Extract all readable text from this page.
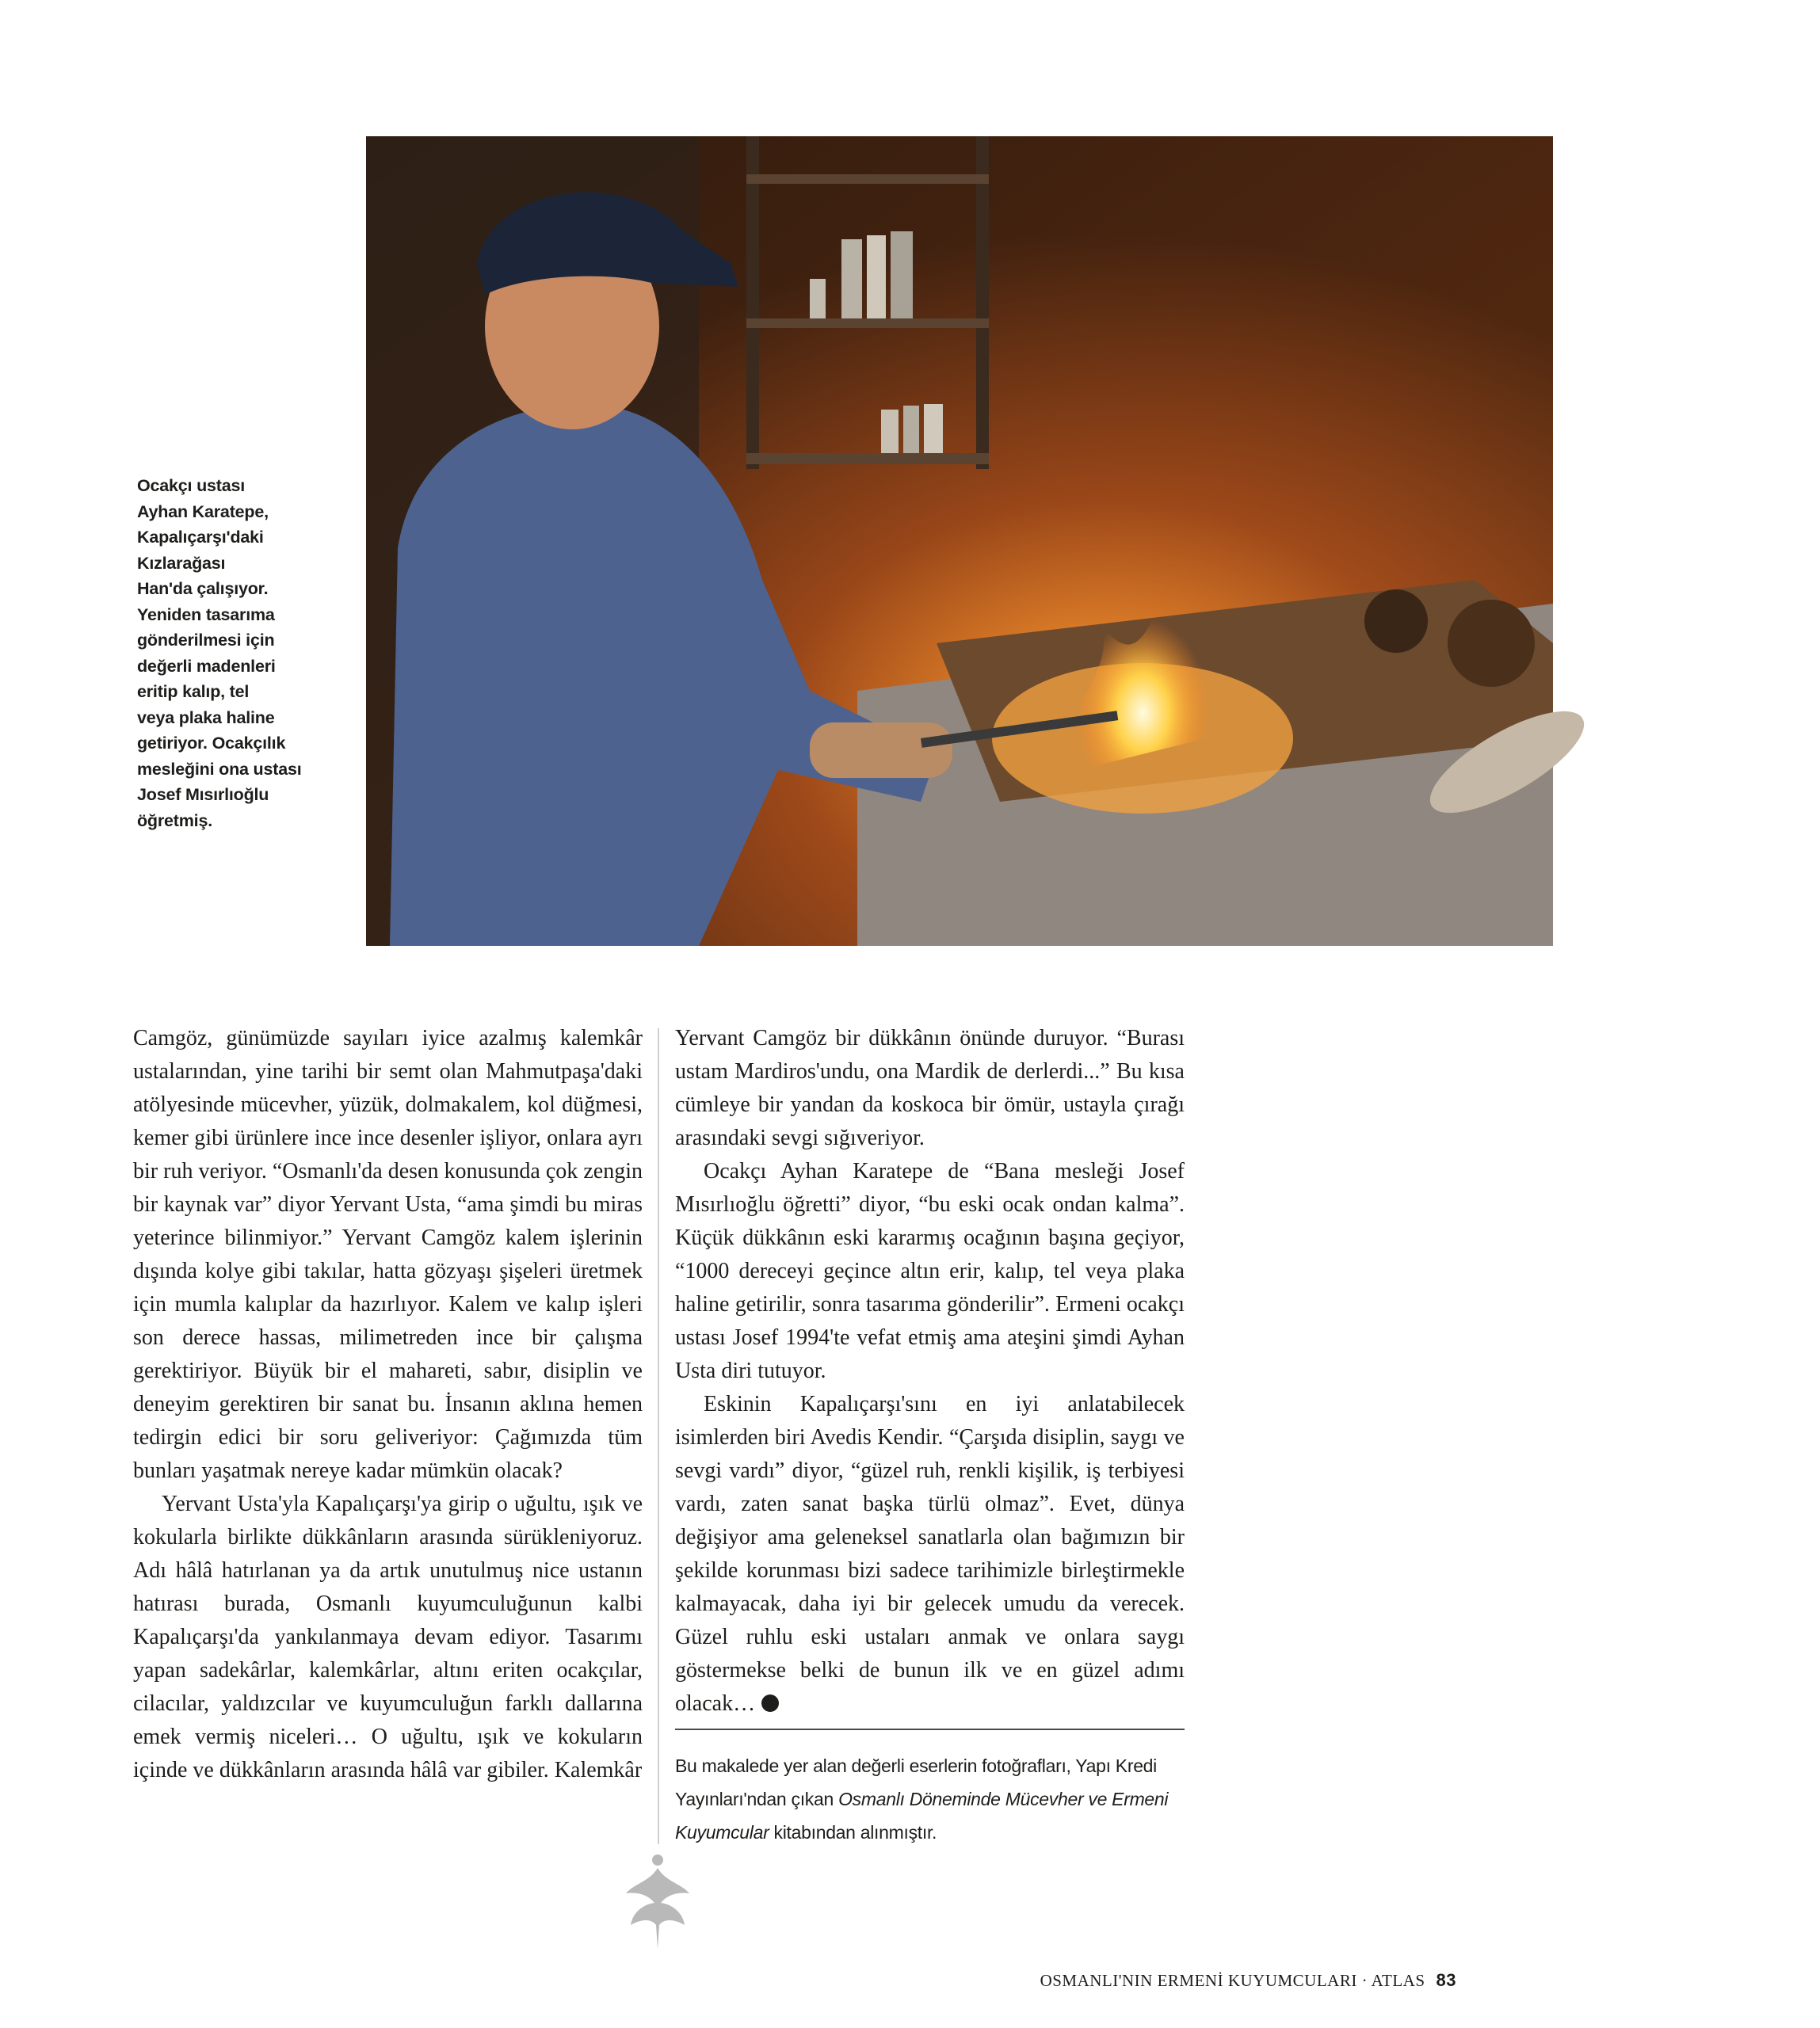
TOLGA ILDUN
Ocakçı ustası
Ayhan Karatepe,
Kapalıçarşı'daki
Kızlarağası
Han'da çalışıyor.
Yeniden tasarıma
gönderilmesi için
değerli madenleri
eritip kalıp, tel
veya plaka haline
getiriyor. Ocakçılık
mesleğini ona ustası
Josef Mısırlıoğlu
öğretmiş.

Camgöz, günümüzde sayıları iyice azalmış kalemkâr ustalarından, yine tarihi bir semt olan Mahmutpaşa'daki atölyesinde mücevher, yüzük, dolmakalem, kol düğmesi, kemer gibi ürünlere ince ince desenler işliyor, onlara ayrı bir ruh veriyor. “Osmanlı'da desen konusunda çok zengin bir kaynak var” diyor Yervant Usta, “ama şimdi bu miras yeterince bilinmiyor.” Yervant Camgöz kalem işlerinin dışında kolye gibi takılar, hatta gözyaşı şişeleri üretmek için mumla kalıplar da hazırlıyor. Kalem ve kalıp işleri son derece hassas, milimetreden ince bir çalışma gerektiriyor. Büyük bir el mahareti, sabır, disiplin ve deneyim gerektiren bir sanat bu. İnsanın aklına hemen tedirgin edici bir soru geliveriyor: Çağımızda tüm bunları yaşatmak nereye kadar mümkün olacak?

Yervant Usta'yla Kapalıçarşı'ya girip o uğultu, ışık ve kokularla birlikte dükkânların arasında sürükleniyoruz. Adı hâlâ hatırlanan ya da artık unutulmuş nice ustanın hatırası burada, Osmanlı kuyumculuğunun kalbi Kapalıçarşı'da yankılanmaya devam ediyor. Tasarımı yapan sadekârlar, kalemkârlar, altını eriten ocakçılar, cilacılar, yaldızcılar ve kuyumculuğun farklı dallarına emek vermiş niceleri… O uğultu, ışık ve kokuların içinde ve dükkânların arasında hâlâ var gibiler. Kalemkâr

Yervant Camgöz bir dükkânın önünde duruyor. “Burası ustam Mardiros'undu, ona Mardik de derlerdi...” Bu kısa cümleye bir yandan da koskoca bir ömür, ustayla çırağı arasındaki sevgi sığıveriyor.

Ocakçı Ayhan Karatepe de “Bana mesleği Josef Mısırlıoğlu öğretti” diyor, “bu eski ocak ondan kalma”. Küçük dükkânın eski kararmış ocağının başına geçiyor, “1000 dereceyi geçince altın erir, kalıp, tel veya plaka haline getirilir, sonra tasarıma gönderilir”. Ermeni ocakçı ustası Josef 1994'te vefat etmiş ama ateşini şimdi Ayhan Usta diri tutuyor.

Eskinin Kapalıçarşı'sını en iyi anlatabilecek isimlerden biri Avedis Kendir. “Çarşıda disiplin, saygı ve sevgi vardı” diyor, “güzel ruh, renkli kişilik, iş terbiyesi vardı, zaten sanat başka türlü olmaz”. Evet, dünya değişiyor ama geleneksel sanatlarla olan bağımızın bir şekilde korunması bizi sadece tarihimizle birleştirmekle kalmayacak, daha iyi bir gelecek umudu da verecek. Güzel ruhlu eski ustaları anmak ve onlara saygı göstermekse belki de bunun ilk ve en güzel adımı olacak…

Bu makalede yer alan değerli eserlerin fotoğrafları, Yapı Kredi Yayınları'ndan çıkan Osmanlı Döneminde Mücevher ve Ermeni Kuyumcular kitabından alınmıştır.
OSMANLI'NIN ERMENİ KUYUMCULARI · ATLAS 83
